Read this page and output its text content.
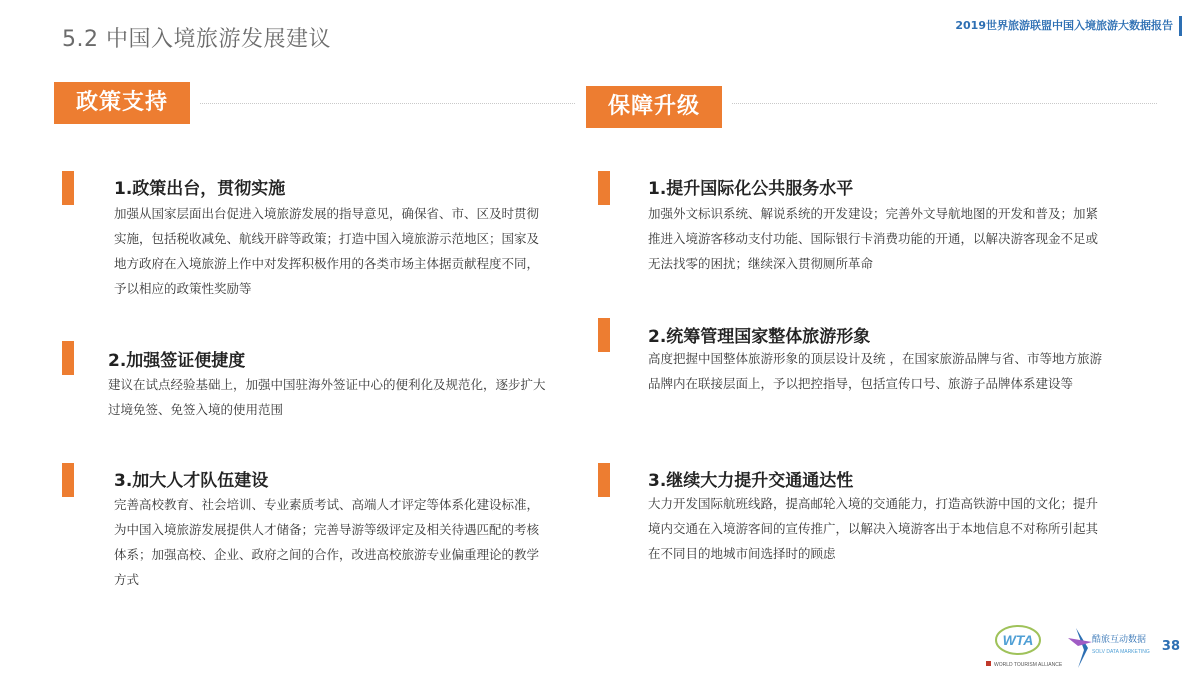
5.2 中国入境旅游发展建议
2019世界旅游联盟中国入境旅游大数据报告
政策支持	保障升级
1.政策出台，贯彻实施
加强从国家层面出台促进入境旅游发展的指导意见，确保省、市、区及时贯彻实施，包括税收减免、航线开辟等政策；打造中国入境旅游示范地区；国家及地方政府在入境旅游上作中对发挥积极作用的各类市场主体据贡献程度不同，予以相应的政策性奖励等
2.加强签证便捷度
建议在试点经验基础上，加强中国驻海外签证中心的便利化及规范化，逐步扩大过境免签、免签入境的使用范围
3.加大人才队伍建设
完善高校教育、社会培训、专业素质考试、高端人才评定等体系化建设标准，为中国入境旅游发展提供人才储备；完善导游等级评定及相关待遇匹配的考核体系；加强高校、企业、政府之间的合作，改进高校旅游专业偏重理论的教学方式
1.提升国际化公共服务水平
加强外文标识系统、解说系统的开发建设；完善外文导航地图的开发和普及；加紧推进入境游客移动支付功能、国际银行卡消费功能的开通，以解决游客现金不足或无法找零的困扰；继续深入贯彻厕所革命
2.统筹管理国家整体旅游形象
高度把握中国整体旅游形象的顶层设计及统 ，在国家旅游品牌与省、市等地方旅游品牌内在联接层面上，予以把控指导，包括宣传口号、旅游子品牌体系建设等
3.继续大力提升交通通达性
大力开发国际航班线路，提高邮轮入境的交通能力，打造高铁游中国的文化；提升境内交通在入境游客间的宣传推广，以解决入境游客出于本地信息不对称所引起其在不同目的地城市间选择时的顾虑
WTA
WORLD TOURISM ALLIANCE
酷旅互动数据
SOLV DATA MARKETING 38
